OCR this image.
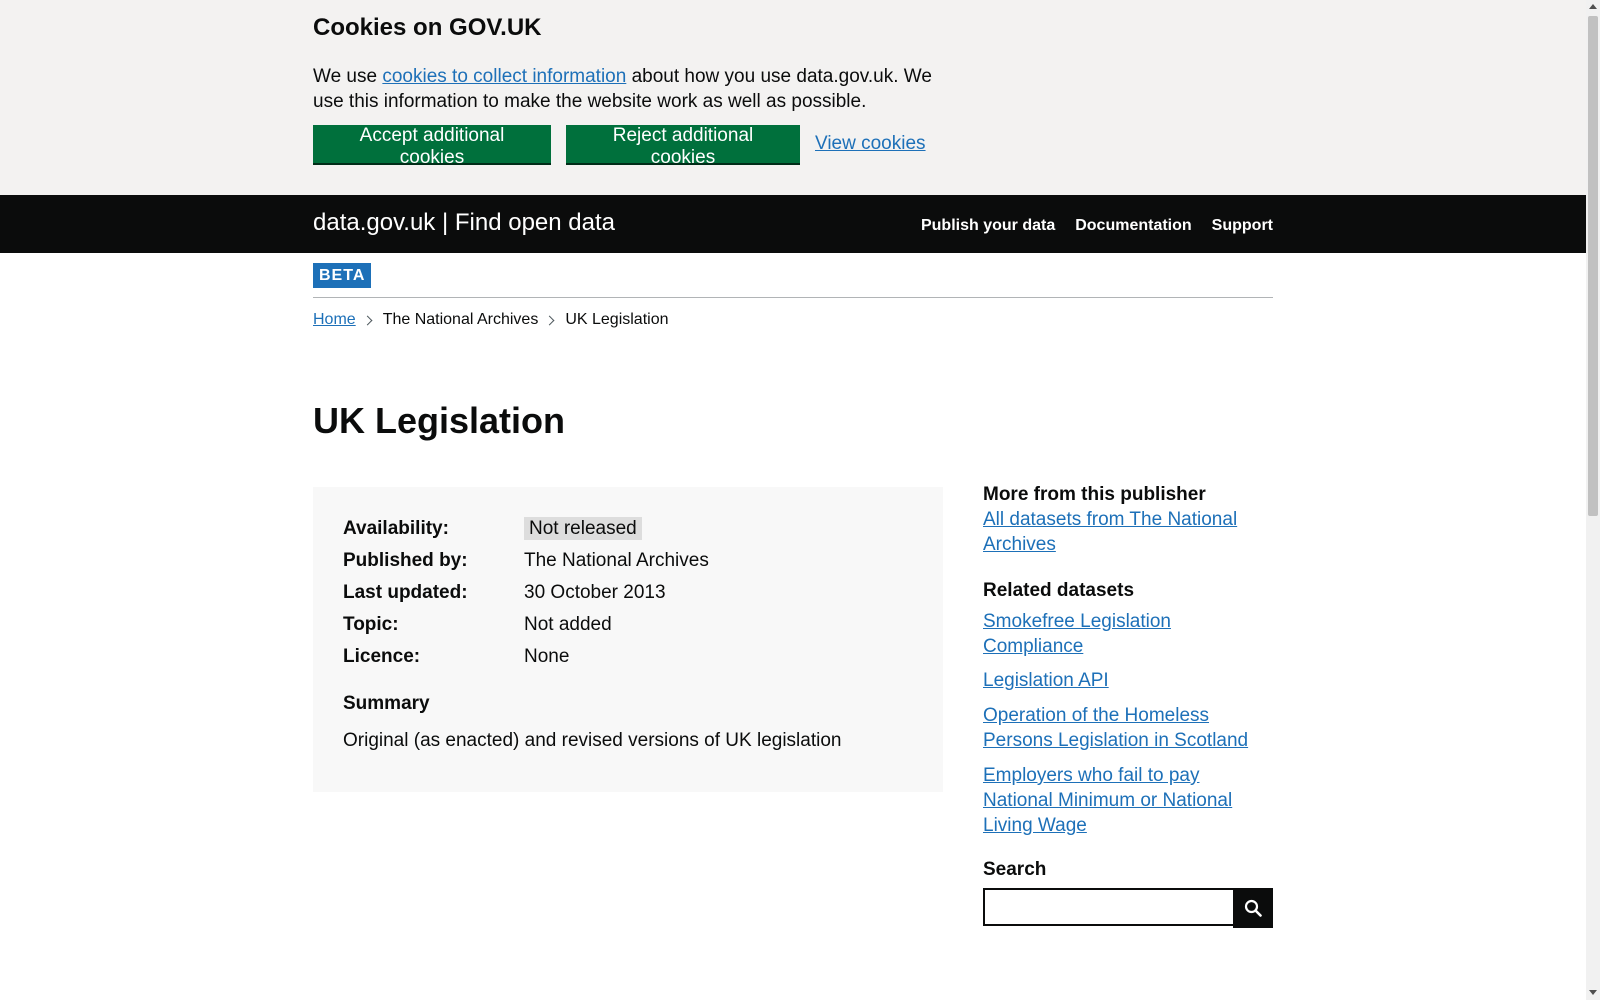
Cookies on GOV.UK

We use cookies to collect information about how you use data.gov.uk. We use this information to make the website work as well as possible.

Accept additional cookies
Reject additional cookies
View cookies
data.gov.uk | Find open data	Publish your data Documentation Support
BETA
Home The National Archives UK Legislation
UK Legislation
Availability:	Not released
Published by:	The National Archives
Last updated:	30 October 2013
Topic:	Not added
Licence:	None
Summary

Original (as enacted) and revised versions of UK legislation

More from this publisher
All datasets from The National Archives
Related datasets
Smokefree Legislation Compliance
Legislation API
Operation of the Homeless Persons Legislation in Scotland
Employers who fail to pay National Minimum or National Living Wage
Search
